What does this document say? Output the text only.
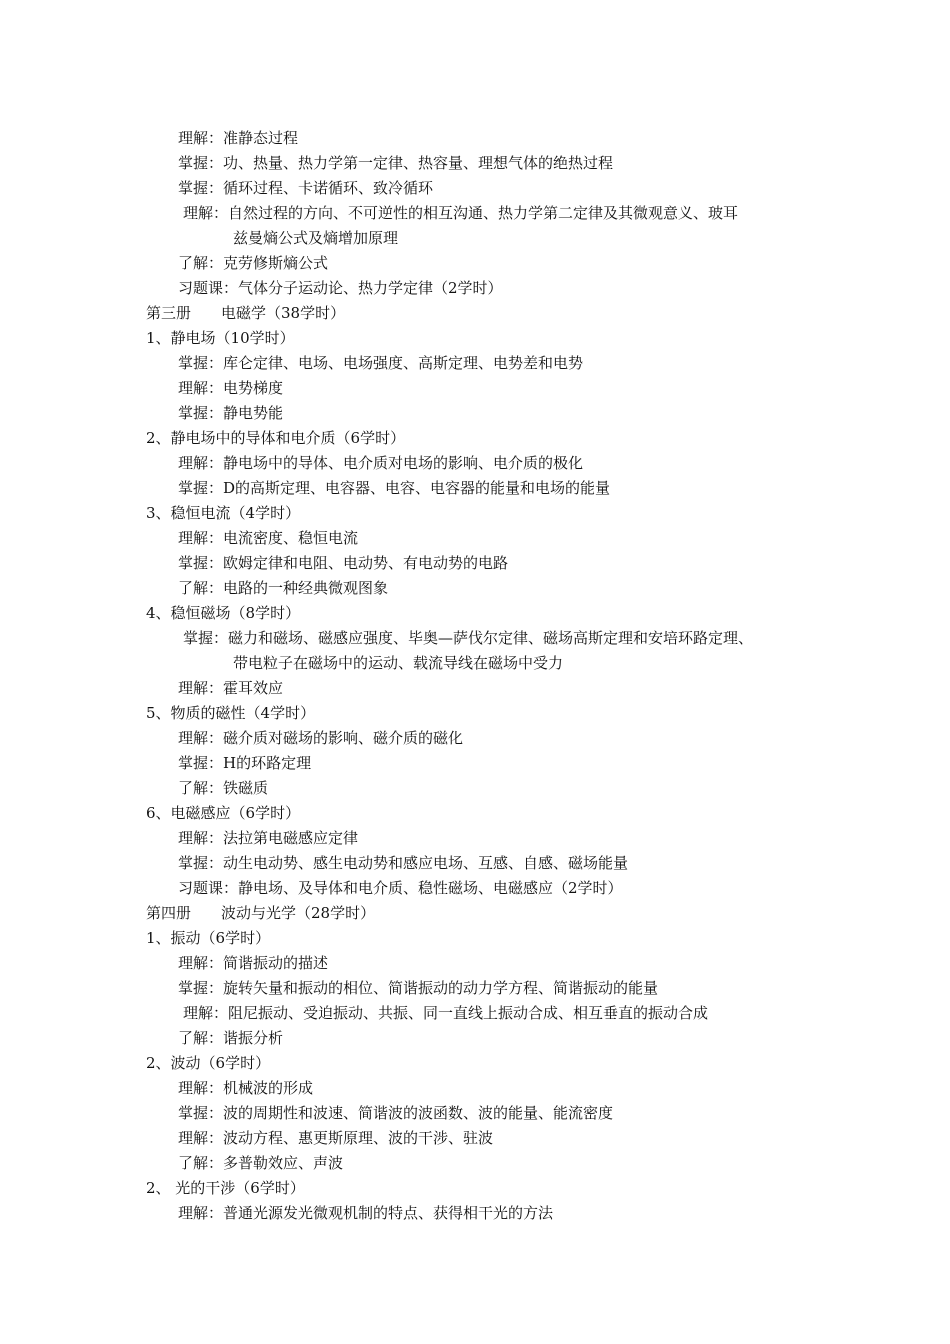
理解：准静态过程
掌握：功、热量、热力学第一定律、热容量、理想气体的绝热过程
掌握：循环过程、卡诺循环、致冷循环
理解：自然过程的方向、不可逆性的相互沟通、热力学第二定律及其微观意义、玻耳
兹曼熵公式及熵增加原理
了解：克劳修斯熵公式
习题课：气体分子运动论、热力学定律（2学时）
第三册 电磁学（38学时）
1、静电场（10学时）
掌握：库仑定律、电场、电场强度、高斯定理、电势差和电势
理解：电势梯度
掌握：静电势能
2、静电场中的导体和电介质（6学时）
理解：静电场中的导体、电介质对电场的影响、电介质的极化
掌握：D的高斯定理、电容器、电容、电容器的能量和电场的能量
3、稳恒电流（4学时）
理解：电流密度、稳恒电流
掌握：欧姆定律和电阻、电动势、有电动势的电路
了解：电路的一种经典微观图象
4、稳恒磁场（8学时）
掌握：磁力和磁场、磁感应强度、毕奥—萨伐尔定律、磁场高斯定理和安培环路定理、
带电粒子在磁场中的运动、载流导线在磁场中受力
理解：霍耳效应
5、物质的磁性（4学时）
理解：磁介质对磁场的影响、磁介质的磁化
掌握：H的环路定理
了解：铁磁质
6、电磁感应（6学时）
理解：法拉第电磁感应定律
掌握：动生电动势、感生电动势和感应电场、互感、自感、磁场能量
习题课：静电场、及导体和电介质、稳性磁场、电磁感应（2学时）
第四册 波动与光学（28学时）
1、振动（6学时）
理解：简谐振动的描述
掌握：旋转矢量和振动的相位、简谐振动的动力学方程、简谐振动的能量
理解：阻尼振动、受迫振动、共振、同一直线上振动合成、相互垂直的振动合成
了解：谐振分析
2、波动（6学时）
理解：机械波的形成
掌握：波的周期性和波速、简谐波的波函数、波的能量、能流密度
理解：波动方程、惠更斯原理、波的干涉、驻波
了解：多普勒效应、声波
2、 光的干涉（6学时）
理解：普通光源发光微观机制的特点、获得相干光的方法
